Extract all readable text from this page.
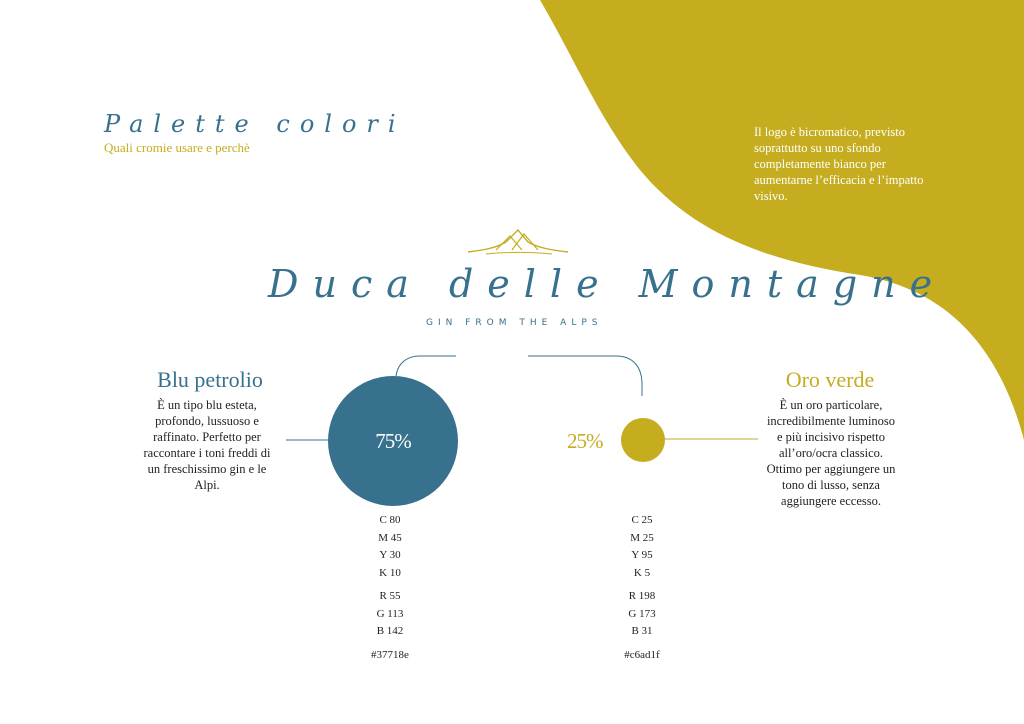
Palette colori
Quali cromie usare e perchè
Il logo è bicromatico, previsto soprattutto su uno sfondo completamente bianco per aumentarne l’efficacia e l’impatto visivo.
Duca delle Montagne
GIN FROM THE ALPS
Blu petrolio
È un tipo blu esteta, profondo, lussuoso e raffinato. Perfetto per raccontare i toni freddi di un freschissimo gin e le Alpi.
75%
C 80
M 45
Y 30
K 10
R 55
G 113
B 142
#37718e
25%
Oro verde
È un oro particolare, incredibilmente luminoso e più incisivo rispetto all’oro/ocra classico. Ottimo per aggiungere un tono di lusso, senza aggiungere eccesso.
C 25
M 25
Y 95
K 5
R 198
G 173
B 31
#c6ad1f
